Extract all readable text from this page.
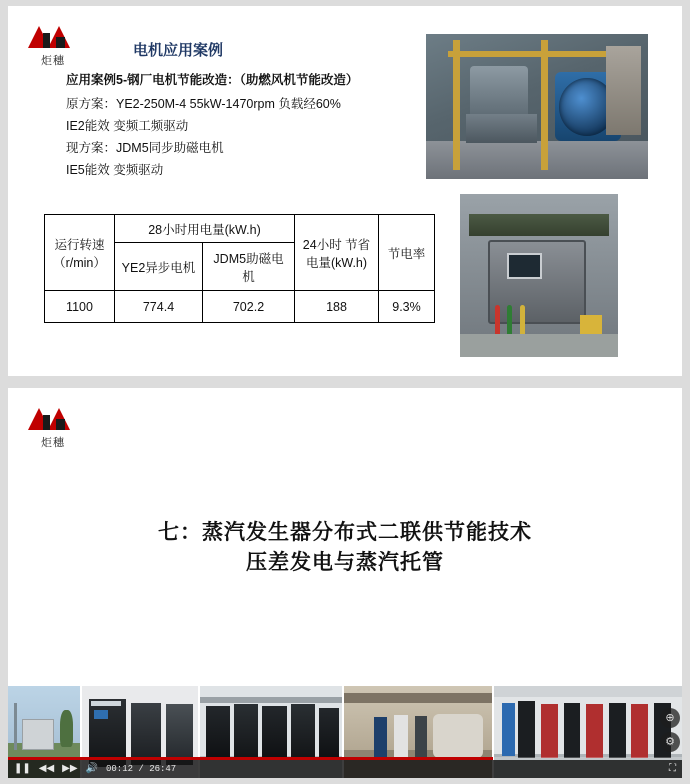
炬穗
电机应用案例
应用案例5-钢厂电机节能改造：（助燃风机节能改造）
原方案：YE2-250M-4 55kW-1470rpm 负载经60%
IE2能效 变频工频驱动
现方案：JDM5同步助磁电机
IE5能效 变频驱动
运行转速
（r/min）	28小时用电量(kW.h)		24小时 节省电量(kW.h)	节电率
	YE2异步电机	JDM5助磁电机		
1100	774.4	702.2	188	9.3%
炬穗
七：蒸汽发生器分布式二联供节能技术
压差发电与蒸汽托管
⊕
⚙
❚❚ ◀◀ ▶▶ 🔊 00:12 / 26:47	⛶
